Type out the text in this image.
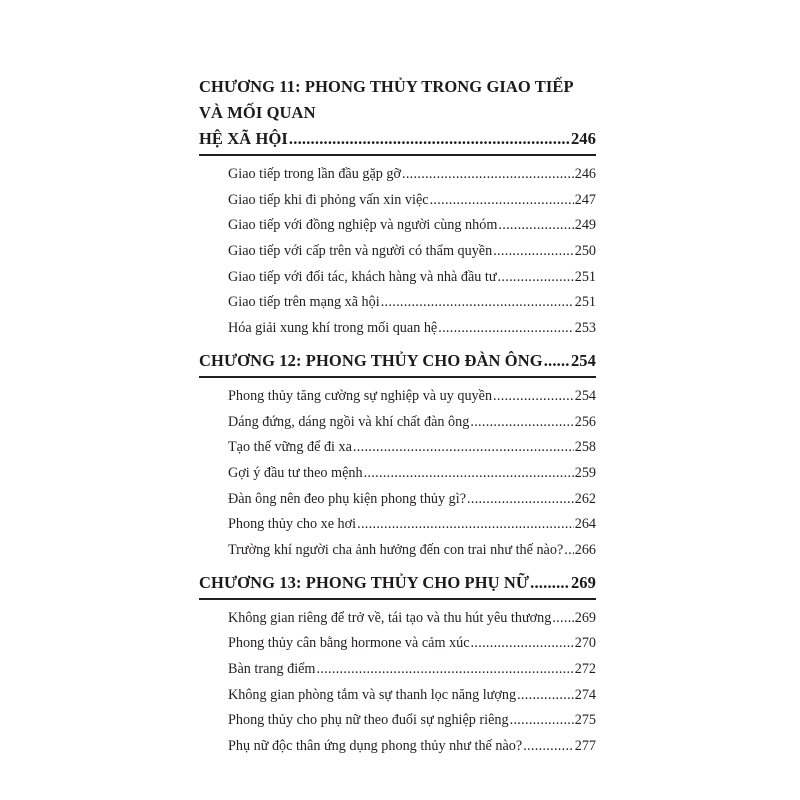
CHƯƠNG 11: PHONG THỦY TRONG GIAO TIẾP VÀ MỐI QUAN
HỆ XÃ HỘI .....	246
Giao tiếp trong lần đầu gặp gỡ .....	246
Giao tiếp khi đi phỏng vấn xin việc .....	247
Giao tiếp với đồng nghiệp và người cùng nhóm .....	249
Giao tiếp với cấp trên và người có thẩm quyền .....	250
Giao tiếp với đối tác, khách hàng và nhà đầu tư .....	251
Giao tiếp trên mạng xã hội .....	251
Hóa giải xung khí trong mối quan hệ .....	253
CHƯƠNG 12: PHONG THỦY CHO ĐÀN ÔNG ..... 254
Phong thủy tăng cường sự nghiệp và uy quyền .....	254
Dáng đứng, dáng ngồi và khí chất đàn ông .....	256
Tạo thế vững để đi xa .....	258
Gợi ý đầu tư theo mệnh .....	259
Đàn ông nên đeo phụ kiện phong thủy gì? .....	262
Phong thủy cho xe hơi .....	264
Trường khí người cha ảnh hưởng đến con trai như thế nào? ..... 266
CHƯƠNG 13: PHONG THỦY CHO PHỤ NỮ .....	269
Không gian riêng để trở về, tái tạo và thu hút yêu thương ..... 269
Phong thủy cân bằng hormone và cảm xúc .....	270
Bàn trang điểm .....	272
Không gian phòng tắm và sự thanh lọc năng lượng .....	274
Phong thủy cho phụ nữ theo đuổi sự nghiệp riêng .....	275
Phụ nữ độc thân ứng dụng phong thủy như thế nào? .....	277
